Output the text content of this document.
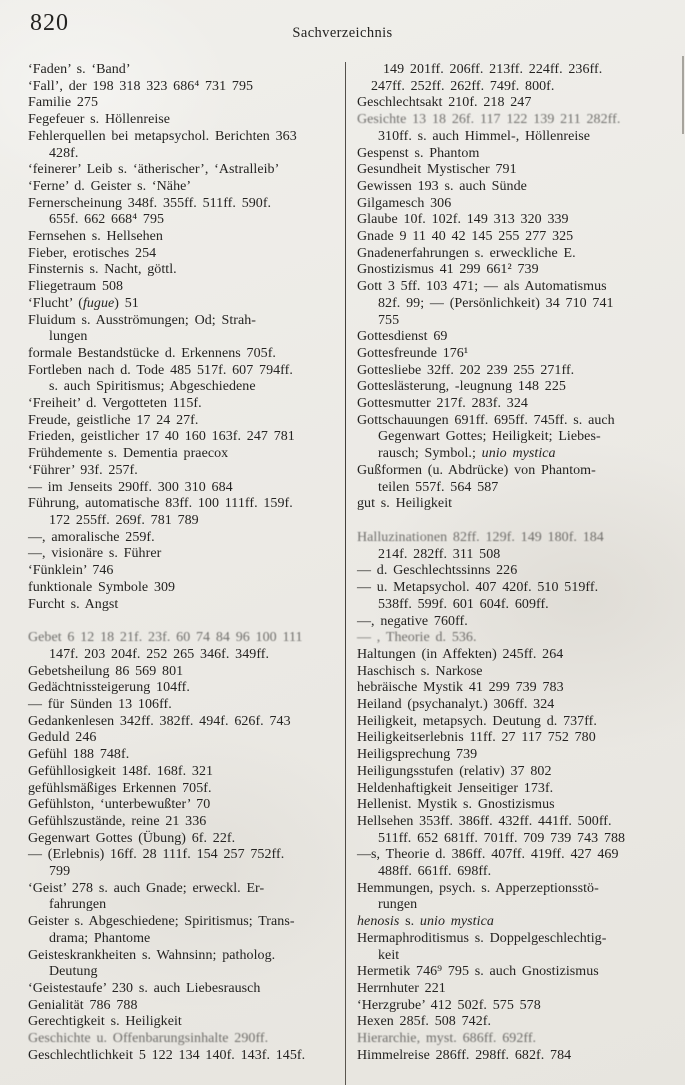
820	Sachverzeichnis
‘Faden’ s. ‘Band’
‘Fall’, der 198 318 323 686⁴ 731 795
Familie 275
Fegefeuer s. Höllenreise
Fehlerquellen bei metapsychol. Berichten 363
428f.
‘feinerer’ Leib s. ‘ätherischer’, ‘Astralleib’
‘Ferne’ d. Geister s. ‘Nähe’
Fernerscheinung 348f. 355ff. 511ff. 590f.
655f. 662 668⁴ 795
Fernsehen s. Hellsehen
Fieber, erotisches 254
Finsternis s. Nacht, göttl.
Fliegetraum 508
‘Flucht’ (fugue) 51
Fluidum s. Ausströmungen; Od; Strah-
lungen
formale Bestandstücke d. Erkennens 705f.
Fortleben nach d. Tode 485 517f. 607 794ff.
s. auch Spiritismus; Abgeschiedene
‘Freiheit’ d. Vergotteten 115f.
Freude, geistliche 17 24 27f.
Frieden, geistlicher 17 40 160 163f. 247 781
Frühdemente s. Dementia praecox
‘Führer’ 93f. 257f.
— im Jenseits 290ff. 300 310 684
Führung, automatische 83ff. 100 111ff. 159f.
172 255ff. 269f. 781 789
—, amoralische 259f.
—, visionäre s. Führer
‘Fünklein’ 746
funktionale Symbole 309
Furcht s. Angst
Gebet 6 12 18 21f. 23f. 60 74 84 96 100 111
147f. 203 204f. 252 265 346f. 349ff.
Gebetsheilung 86 569 801
Gedächtnissteigerung 104ff.
— für Sünden 13 106ff.
Gedankenlesen 342ff. 382ff. 494f. 626f. 743
Geduld 246
Gefühl 188 748f.
Gefühllosigkeit 148f. 168f. 321
gefühlsmäßiges Erkennen 705f.
Gefühlston, ‘unterbewußter’ 70
Gefühlszustände, reine 21 336
Gegenwart Gottes (Übung) 6f. 22f.
— (Erlebnis) 16ff. 28 111f. 154 257 752ff.
799
‘Geist’ 278 s. auch Gnade; erweckl. Er-
fahrungen
Geister s. Abgeschiedene; Spiritismus; Trans-
drama; Phantome
Geisteskrankheiten s. Wahnsinn; patholog.
Deutung
‘Geistestaufe’ 230 s. auch Liebesrausch
Genialität 786 788
Gerechtigkeit s. Heiligkeit
Geschichte u. Offenbarungsinhalte 290ff.
Geschlechtlichkeit 5 122 134 140f. 143f. 145f.
149 201ff. 206ff. 213ff. 224ff. 236ff.
247ff. 252ff. 262ff. 749f. 800f.
Geschlechtsakt 210f. 218 247
Gesichte 13 18 26f. 117 122 139 211 282ff.
310ff. s. auch Himmel-, Höllenreise
Gespenst s. Phantom
Gesundheit Mystischer 791
Gewissen 193 s. auch Sünde
Gilgamesch 306
Glaube 10f. 102f. 149 313 320 339
Gnade 9 11 40 42 145 255 277 325
Gnadenerfahrungen s. erweckliche E.
Gnostizismus 41 299 661² 739
Gott 3 5ff. 103 471; — als Automatismus
82f. 99; — (Persönlichkeit) 34 710 741
755
Gottesdienst 69
Gottesfreunde 176¹
Gottesliebe 32ff. 202 239 255 271ff.
Gotteslästerung, -leugnung 148 225
Gottesmutter 217f. 283f. 324
Gottschauungen 691ff. 695ff. 745ff. s. auch
Gegenwart Gottes; Heiligkeit; Liebes-
rausch; Symbol.; unio mystica
Gußformen (u. Abdrücke) von Phantom-
teilen 557f. 564 587
gut s. Heiligkeit
Halluzinationen 82ff. 129f. 149 180f. 184
214f. 282ff. 311 508
— d. Geschlechtssinns 226
— u. Metapsychol. 407 420f. 510 519ff.
538ff. 599f. 601 604f. 609ff.
—, negative 760ff.
— , Theorie d. 536.
Haltungen (in Affekten) 245ff. 264
Haschisch s. Narkose
hebräische Mystik 41 299 739 783
Heiland (psychanalyt.) 306ff. 324
Heiligkeit, metapsych. Deutung d. 737ff.
Heiligkeitserlebnis 11ff. 27 117 752 780
Heiligsprechung 739
Heiligungsstufen (relativ) 37 802
Heldenhaftigkeit Jenseitiger 173f.
Hellenist. Mystik s. Gnostizismus
Hellsehen 353ff. 386ff. 432ff. 441ff. 500ff.
511ff. 652 681ff. 701ff. 709 739 743 788
—s, Theorie d. 386ff. 407ff. 419ff. 427 469
488ff. 661ff. 698ff.
Hemmungen, psych. s. Apperzeptionsstö-
rungen
henosis s. unio mystica
Hermaphroditismus s. Doppelgeschlechtig-
keit
Hermetik 746⁹ 795 s. auch Gnostizismus
Herrnhuter 221
‘Herzgrube’ 412 502f. 575 578
Hexen 285f. 508 742f.
Hierarchie, myst. 686ff. 692ff.
Himmelreise 286ff. 298ff. 682f. 784
